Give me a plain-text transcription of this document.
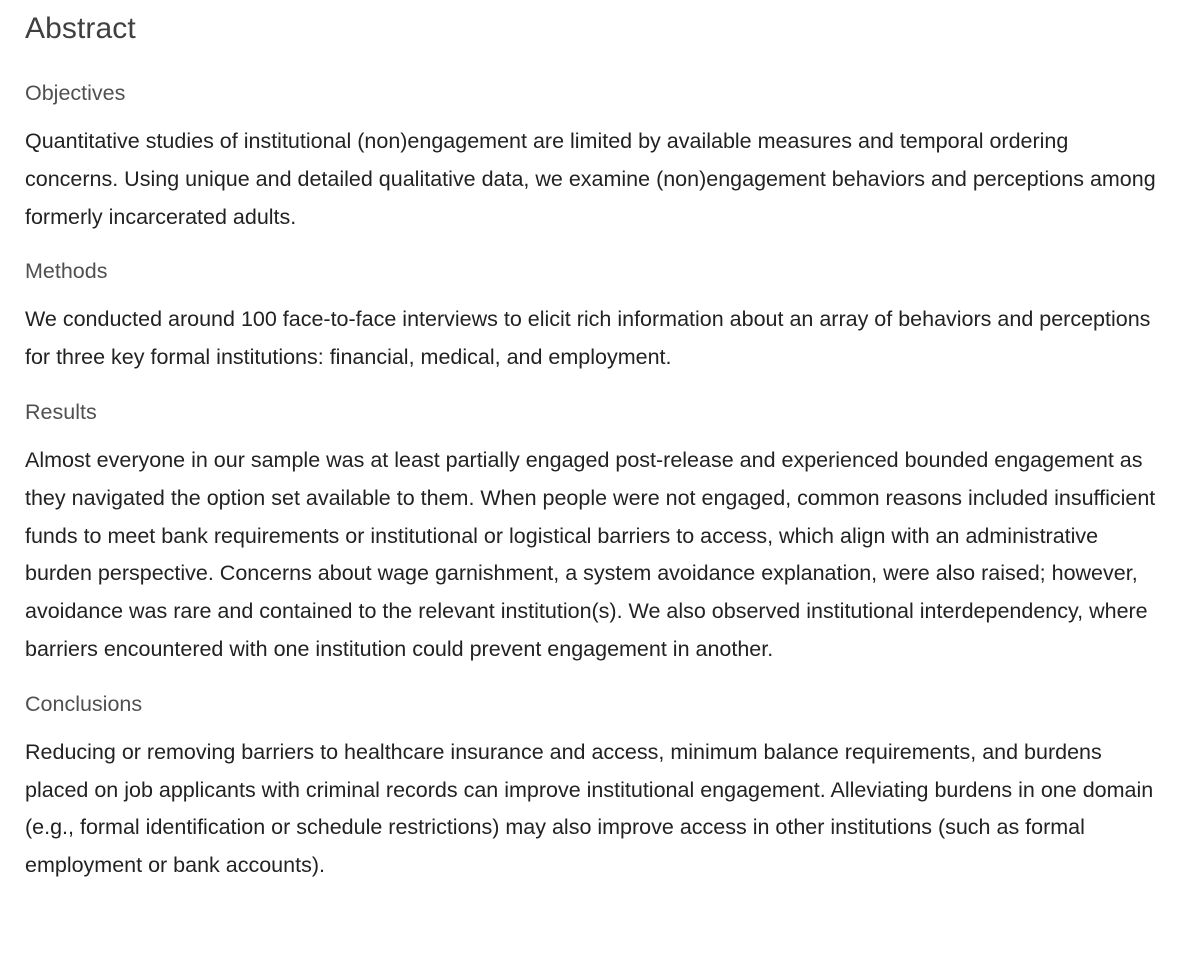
Abstract
Objectives

Quantitative studies of institutional (non)engagement are limited by available measures and temporal ordering concerns. Using unique and detailed qualitative data, we examine (non)engagement behaviors and perceptions among formerly incarcerated adults.

Methods

We conducted around 100 face-to-face interviews to elicit rich information about an array of behaviors and perceptions for three key formal institutions: financial, medical, and employment.

Results

Almost everyone in our sample was at least partially engaged post-release and experienced bounded engagement as they navigated the option set available to them. When people were not engaged, common reasons included insufficient funds to meet bank requirements or institutional or logistical barriers to access, which align with an administrative burden perspective. Concerns about wage garnishment, a system avoidance explanation, were also raised; however, avoidance was rare and contained to the relevant institution(s). We also observed institutional interdependency, where barriers encountered with one institution could prevent engagement in another.

Conclusions

Reducing or removing barriers to healthcare insurance and access, minimum balance requirements, and burdens placed on job applicants with criminal records can improve institutional engagement. Alleviating burdens in one domain (e.g., formal identification or schedule restrictions) may also improve access in other institutions (such as formal employment or bank accounts).
